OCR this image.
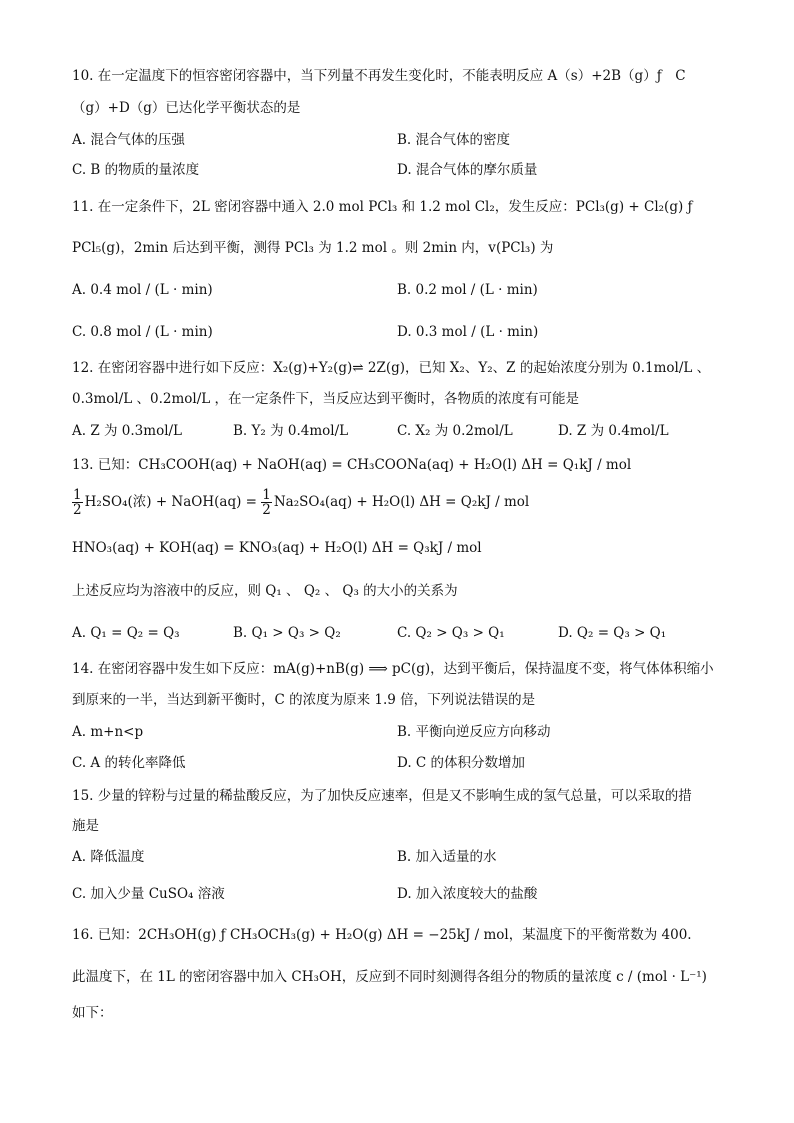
10. 在一定温度下的恒容密闭容器中，当下列量不再发生变化时，不能表明反应 A（s）+2B（g）ƒ　C
（g）+D（g）已达化学平衡状态的是
A. 混合气体的压强	B. 混合气体的密度
C. B 的物质的量浓度	D. 混合气体的摩尔质量
11. 在一定条件下，2L 密闭容器中通入 2.0 mol PCl₃ 和 1.2 mol Cl₂，发生反应：PCl₃(g) + Cl₂(g) ƒ
PCl₅(g)，2min 后达到平衡，测得 PCl₃ 为 1.2 mol 。则 2min 内，v(PCl₃) 为
A. 0.4 mol / (L · min)	B. 0.2 mol / (L · min)
C. 0.8 mol / (L · min)	D. 0.3 mol / (L · min)
12. 在密闭容器中进行如下反应：X₂(g)+Y₂(g)⇌ 2Z(g)，已知 X₂、Y₂、Z 的起始浓度分别为 0.1mol/L 、
0.3mol/L 、0.2mol/L ，在一定条件下，当反应达到平衡时，各物质的浓度有可能是
A. Z 为 0.3mol/L	B. Y₂ 为 0.4mol/L	C. X₂ 为 0.2mol/L	D. Z 为 0.4mol/L
13. 已知：CH₃COOH(aq) + NaOH(aq) = CH₃COONa(aq) + H₂O(l) ΔH = Q₁kJ / mol
$\frac{1}{2} H_2SO_4$(浓) + NaOH(aq) = $\frac{1}{2} Na_2SO_4(aq) + H_2O(l) \Delta H = Q_2kJ$ / mol
HNO₃(aq) + KOH(aq) = KNO₃(aq) + H₂O(l) ΔH = Q₃kJ / mol
上述反应均为溶液中的反应，则 Q₁ 、 Q₂ 、 Q₃ 的大小的关系为
A. Q₁ = Q₂ = Q₃	B. Q₁ > Q₃ > Q₂	C. Q₂ > Q₃ > Q₁	D. Q₂ = Q₃ > Q₁
14. 在密闭容器中发生如下反应：mA(g)+nB(g) ⟹ pC(g)，达到平衡后，保持温度不变，将气体体积缩小
到原来的一半，当达到新平衡时，C 的浓度为原来 1.9 倍，下列说法错误的是
A. m+n<p	B. 平衡向逆反应方向移动
C. A 的转化率降低	D. C 的体积分数增加
15. 少量的锌粉与过量的稀盐酸反应，为了加快反应速率，但是又不影响生成的氢气总量，可以采取的措
施是
A. 降低温度	B. 加入适量的水
C. 加入少量 CuSO₄ 溶液	D. 加入浓度较大的盐酸
16. 已知：2CH₃OH(g) ƒ CH₃OCH₃(g) + H₂O(g) ΔH = −25kJ / mol，某温度下的平衡常数为 400.
此温度下，在 1L 的密闭容器中加入 CH₃OH，反应到不同时刻测得各组分的物质的量浓度 c / (mol · L⁻¹)
如下：
